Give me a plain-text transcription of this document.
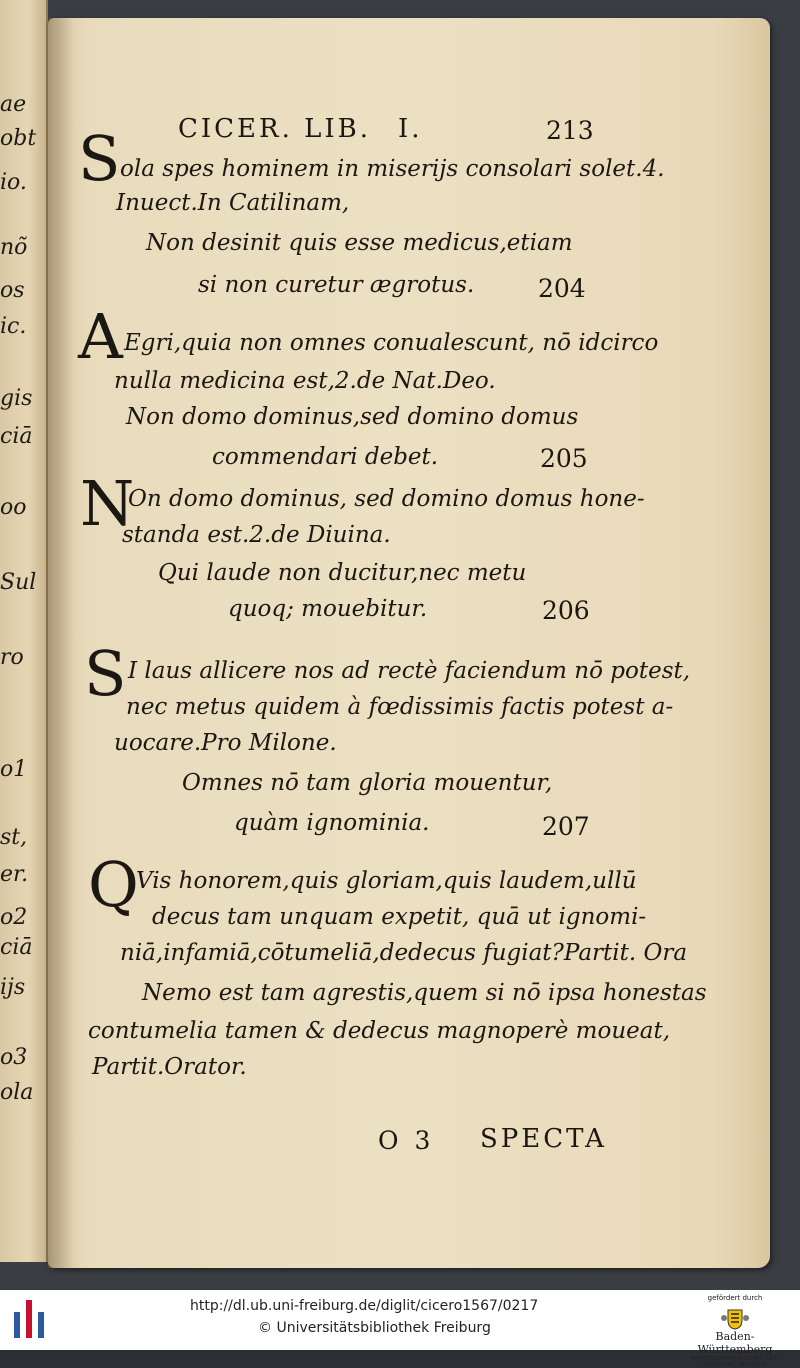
ae
obt
io.
nõ
os
ic.
gis
ciā
oo
Sul
ro
o1
st,
er.
o2
ciā
ijs
o3
ola
CICER. LIB. I.	213
S ola spes hominem in miserijs consolari solet.4.
Inuect.In Catilinam,
Non desinit quis esse medicus,etiam
si non curetur ægrotus.	204
A Egri,quia non omnes conualescunt, nō idcirco
nulla medicina est,2.de Nat.Deo.
Non domo dominus,sed domino domus
commendari debet.	205
N
On domo dominus, sed domino domus hone-
standa est.2.de Diuina.
Qui laude non ducitur,nec metu
quoq; mouebitur.	206
S I laus allicere nos ad rectè faciendum nō potest,
nec metus quidem à fœdissimis factis potest a-
uocare.Pro Milone.
Omnes nō tam gloria mouentur,
quàm ignominia.	207
Q
Vis honorem,quis gloriam,quis laudem,ullū
decus tam unquam expetit, quā ut ignomi-
niā,infamiā,cōtumeliā,dedecus fugiat?Partit. Ora
Nemo est tam agrestis,quem si nō ipsa honestas
contumelia tamen & dedecus magnoperè moueat,
Partit.Orator.
O 3 SPECTA
http://dl.ub.uni-freiburg.de/diglit/cicero1567/0217
© Universitätsbibliothek Freiburg
gefördert durch
Baden-Württemberg
MINISTERIUM FÜR WISSENSCHAFT, FORSCHUNG UND KUNST
